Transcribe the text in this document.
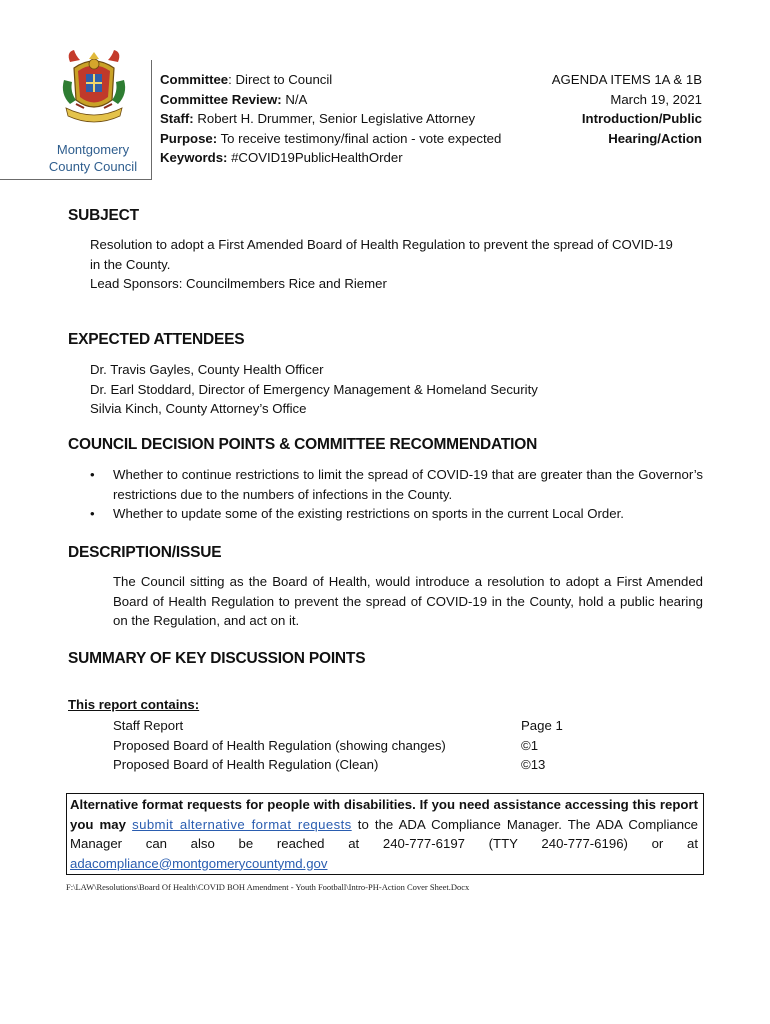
Montgomery
County Council
Committee: Direct to Council
Committee Review: N/A
Staff: Robert H. Drummer, Senior Legislative Attorney
Purpose: To receive testimony/final action - vote expected
Keywords: #COVID19PublicHealthOrder
AGENDA ITEMS 1A & 1B
March 19, 2021
Introduction/Public
Hearing/Action
SUBJECT
Resolution to adopt a First Amended Board of Health Regulation to prevent the spread of COVID-19
in the County.
Lead Sponsors: Councilmembers Rice and Riemer
EXPECTED ATTENDEES
Dr. Travis Gayles, County Health Officer
Dr. Earl Stoddard, Director of Emergency Management & Homeland Security
Silvia Kinch, County Attorney’s Office
COUNCIL DECISION POINTS & COMMITTEE RECOMMENDATION
• Whether to continue restrictions to limit the spread of COVID-19 that are greater than the Governor’s restrictions due to the numbers of infections in the County.
• Whether to update some of the existing restrictions on sports in the current Local Order.
DESCRIPTION/ISSUE
The Council sitting as the Board of Health, would introduce a resolution to adopt a First Amended Board of Health Regulation to prevent the spread of COVID-19 in the County, hold a public hearing on the Regulation, and act on it.
SUMMARY OF KEY DISCUSSION POINTS
This report contains:
Staff Report	Page 1
Proposed Board of Health Regulation (showing changes)	©1
Proposed Board of Health Regulation (Clean)	©13
Alternative format requests for people with disabilities. If you need assistance accessing this report you may submit alternative format requests to the ADA Compliance Manager. The ADA Compliance Manager can also be reached at 240-777-6197 (TTY 240-777-6196) or at adacompliance@montgomerycountymd.gov
F:\LAW\Resolutions\Board Of Health\COVID BOH Amendment - Youth Football\Intro-PH-Action Cover Sheet.Docx
